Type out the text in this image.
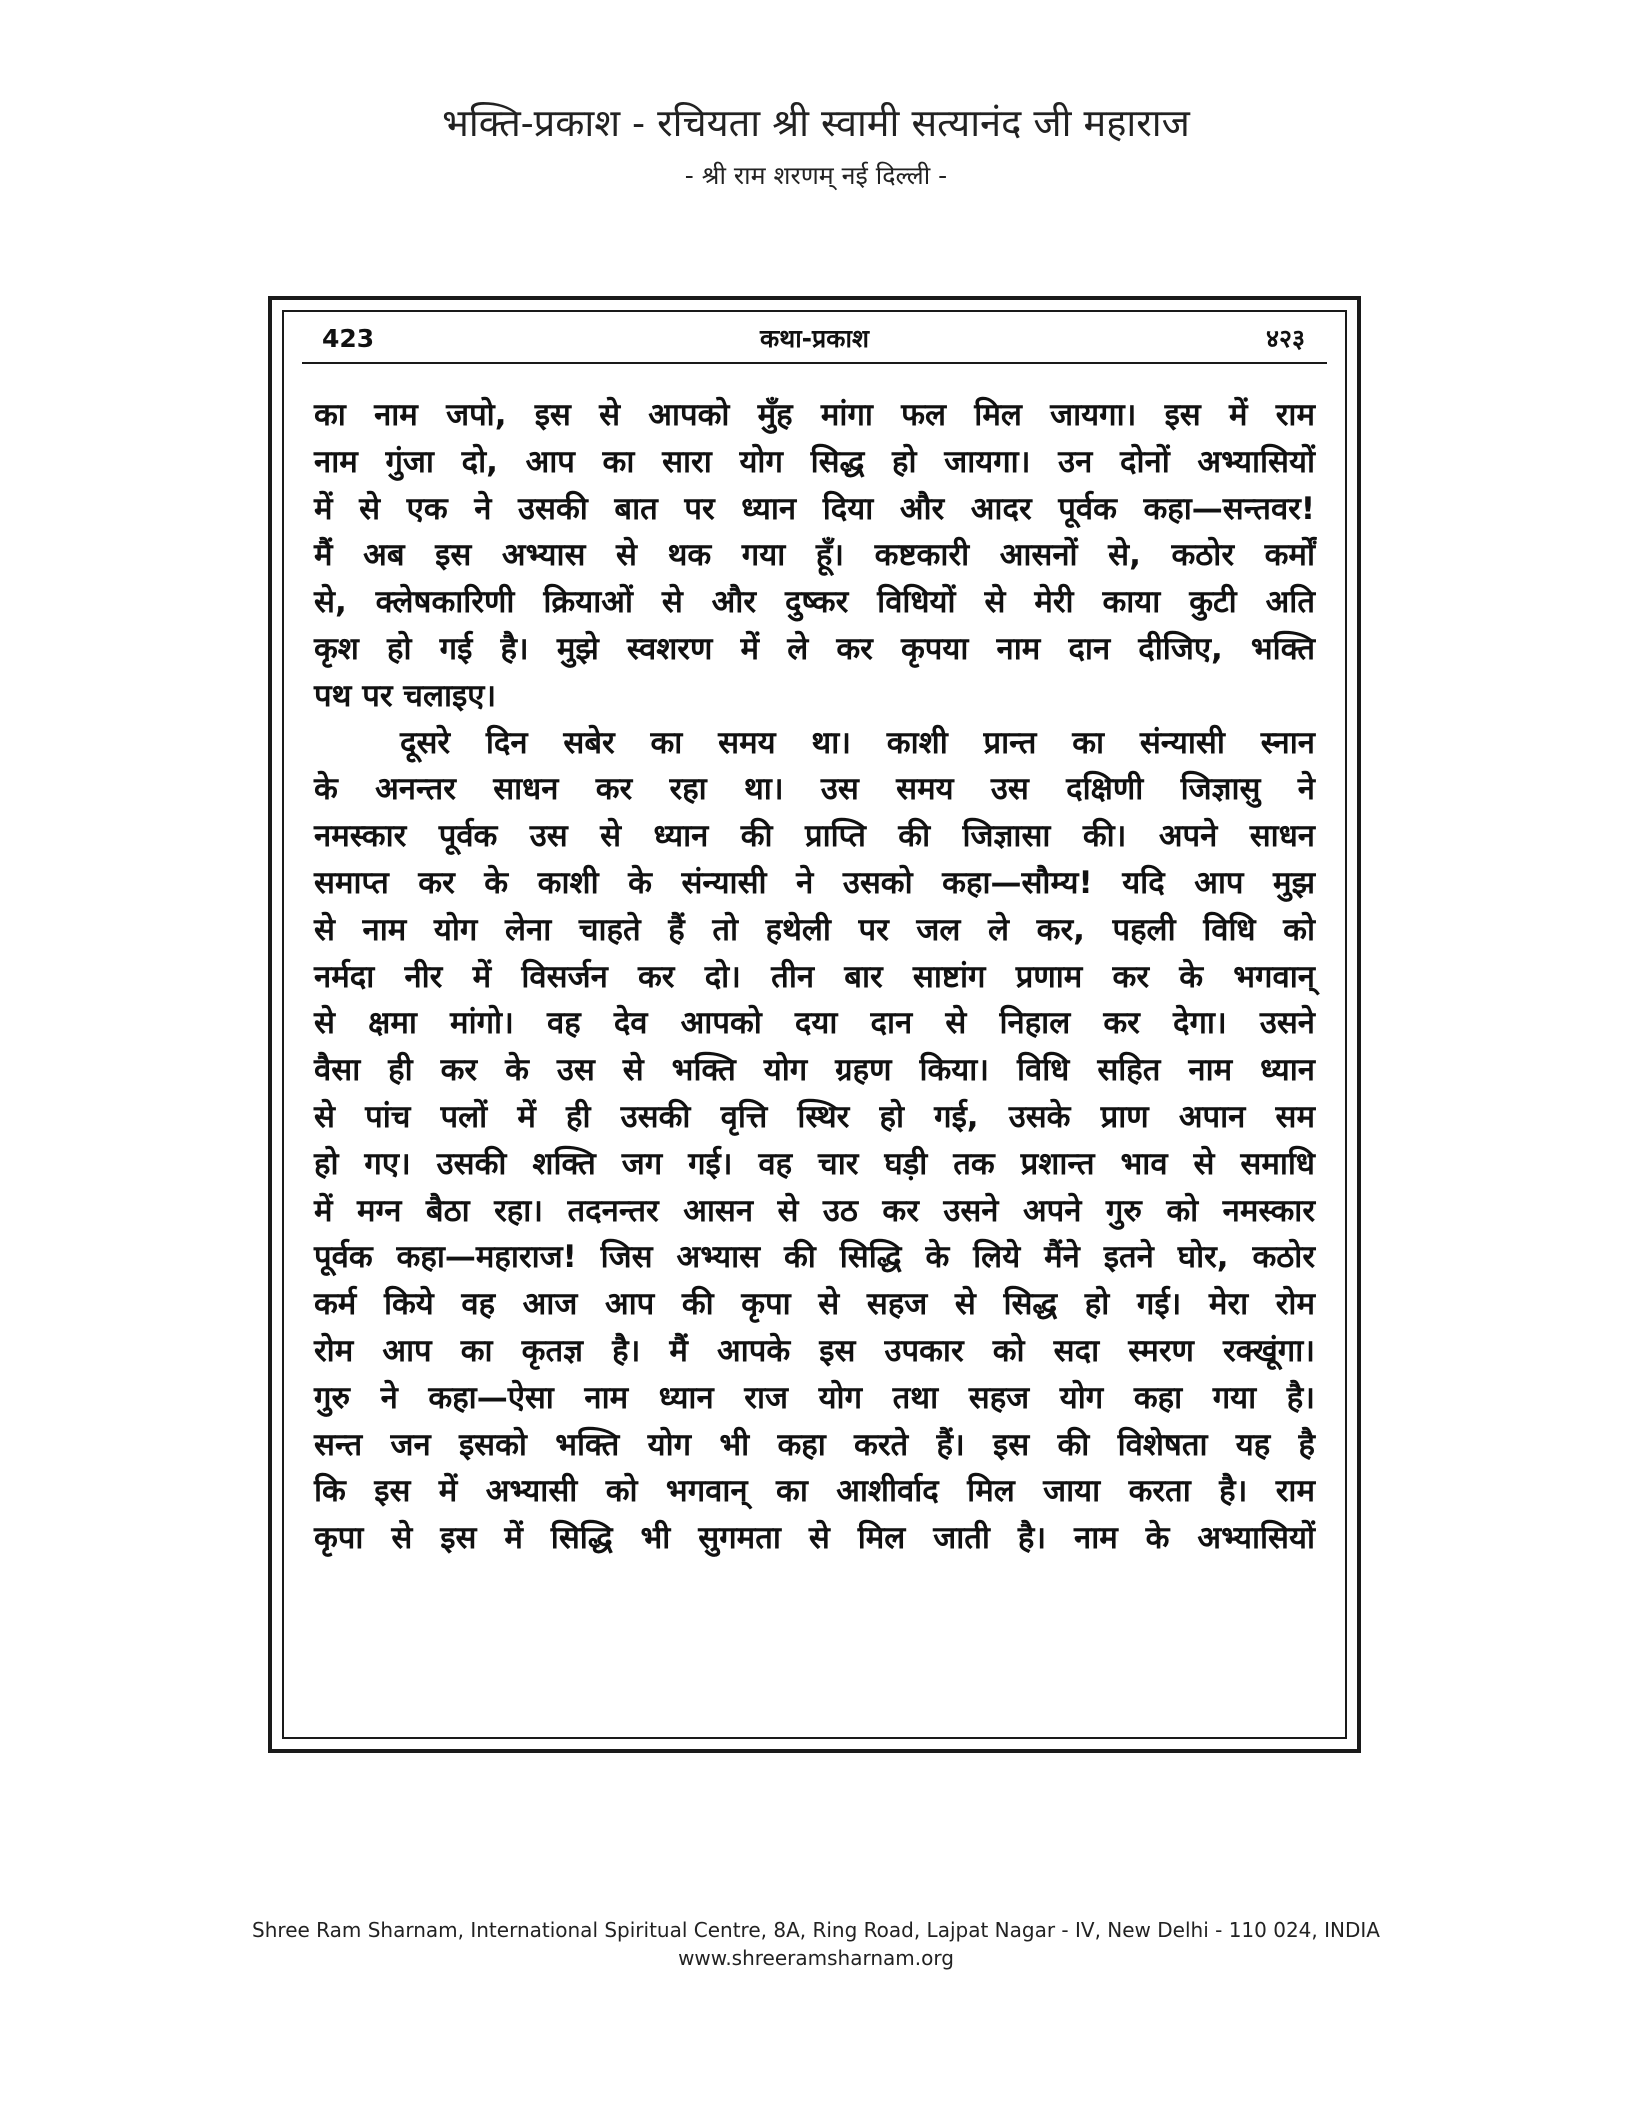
भक्ति-प्रकाश - रचियता श्री स्वामी सत्यानंद जी महाराज
- श्री राम शरणम् नई दिल्ली -
कथा-प्रकाश
423	४२३
का नाम जपो, इस से आपको मुँह मांगा फल मिल जायगा। इस में राम
नाम गुंजा दो, आप का सारा योग सिद्ध हो जायगा। उन दोनों अभ्यासियों
में से एक ने उसकी बात पर ध्यान दिया और आदर पूर्वक कहा—सन्तवर!
मैं अब इस अभ्यास से थक गया हूँ। कष्टकारी आसनों से, कठोर कर्मों
से, क्लेषकारिणी क्रियाओं से और दुष्कर विधियों से मेरी काया कुटी अति
कृश हो गई है। मुझे स्वशरण में ले कर कृपया नाम दान दीजिए, भक्ति
पथ पर चलाइए।
दूसरे दिन सबेर का समय था। काशी प्रान्त का संन्यासी स्नान
के अनन्तर साधन कर रहा था। उस समय उस दक्षिणी जिज्ञासु ने
नमस्कार पूर्वक उस से ध्यान की प्राप्ति की जिज्ञासा की। अपने साधन
समाप्त कर के काशी के संन्यासी ने उसको कहा—सौम्य! यदि आप मुझ
से नाम योग लेना चाहते हैं तो हथेली पर जल ले कर, पहली विधि को
नर्मदा नीर में विसर्जन कर दो। तीन बार साष्टांग प्रणाम कर के भगवान्
से क्षमा मांगो। वह देव आपको दया दान से निहाल कर देगा। उसने
वैसा ही कर के उस से भक्ति योग ग्रहण किया। विधि सहित नाम ध्यान
से पांच पलों में ही उसकी वृत्ति स्थिर हो गई, उसके प्राण अपान सम
हो गए। उसकी शक्ति जग गई। वह चार घड़ी तक प्रशान्त भाव से समाधि
में मग्न बैठा रहा। तदनन्तर आसन से उठ कर उसने अपने गुरु को नमस्कार
पूर्वक कहा—महाराज! जिस अभ्यास की सिद्धि के लिये मैंने इतने घोर, कठोर
कर्म किये वह आज आप की कृपा से सहज से सिद्ध हो गई। मेरा रोम
रोम आप का कृतज्ञ है। मैं आपके इस उपकार को सदा स्मरण रक्खूंगा।
गुरु ने कहा—ऐसा नाम ध्यान राज योग तथा सहज योग कहा गया है।
सन्त जन इसको भक्ति योग भी कहा करते हैं। इस की विशेषता यह है
कि इस में अभ्यासी को भगवान् का आशीर्वाद मिल जाया करता है। राम
कृपा से इस में सिद्धि भी सुगमता से मिल जाती है। नाम के अभ्यासियों
Shree Ram Sharnam, International Spiritual Centre, 8A, Ring Road, Lajpat Nagar - IV, New Delhi - 110 024, INDIA
www.shreeramsharnam.org
